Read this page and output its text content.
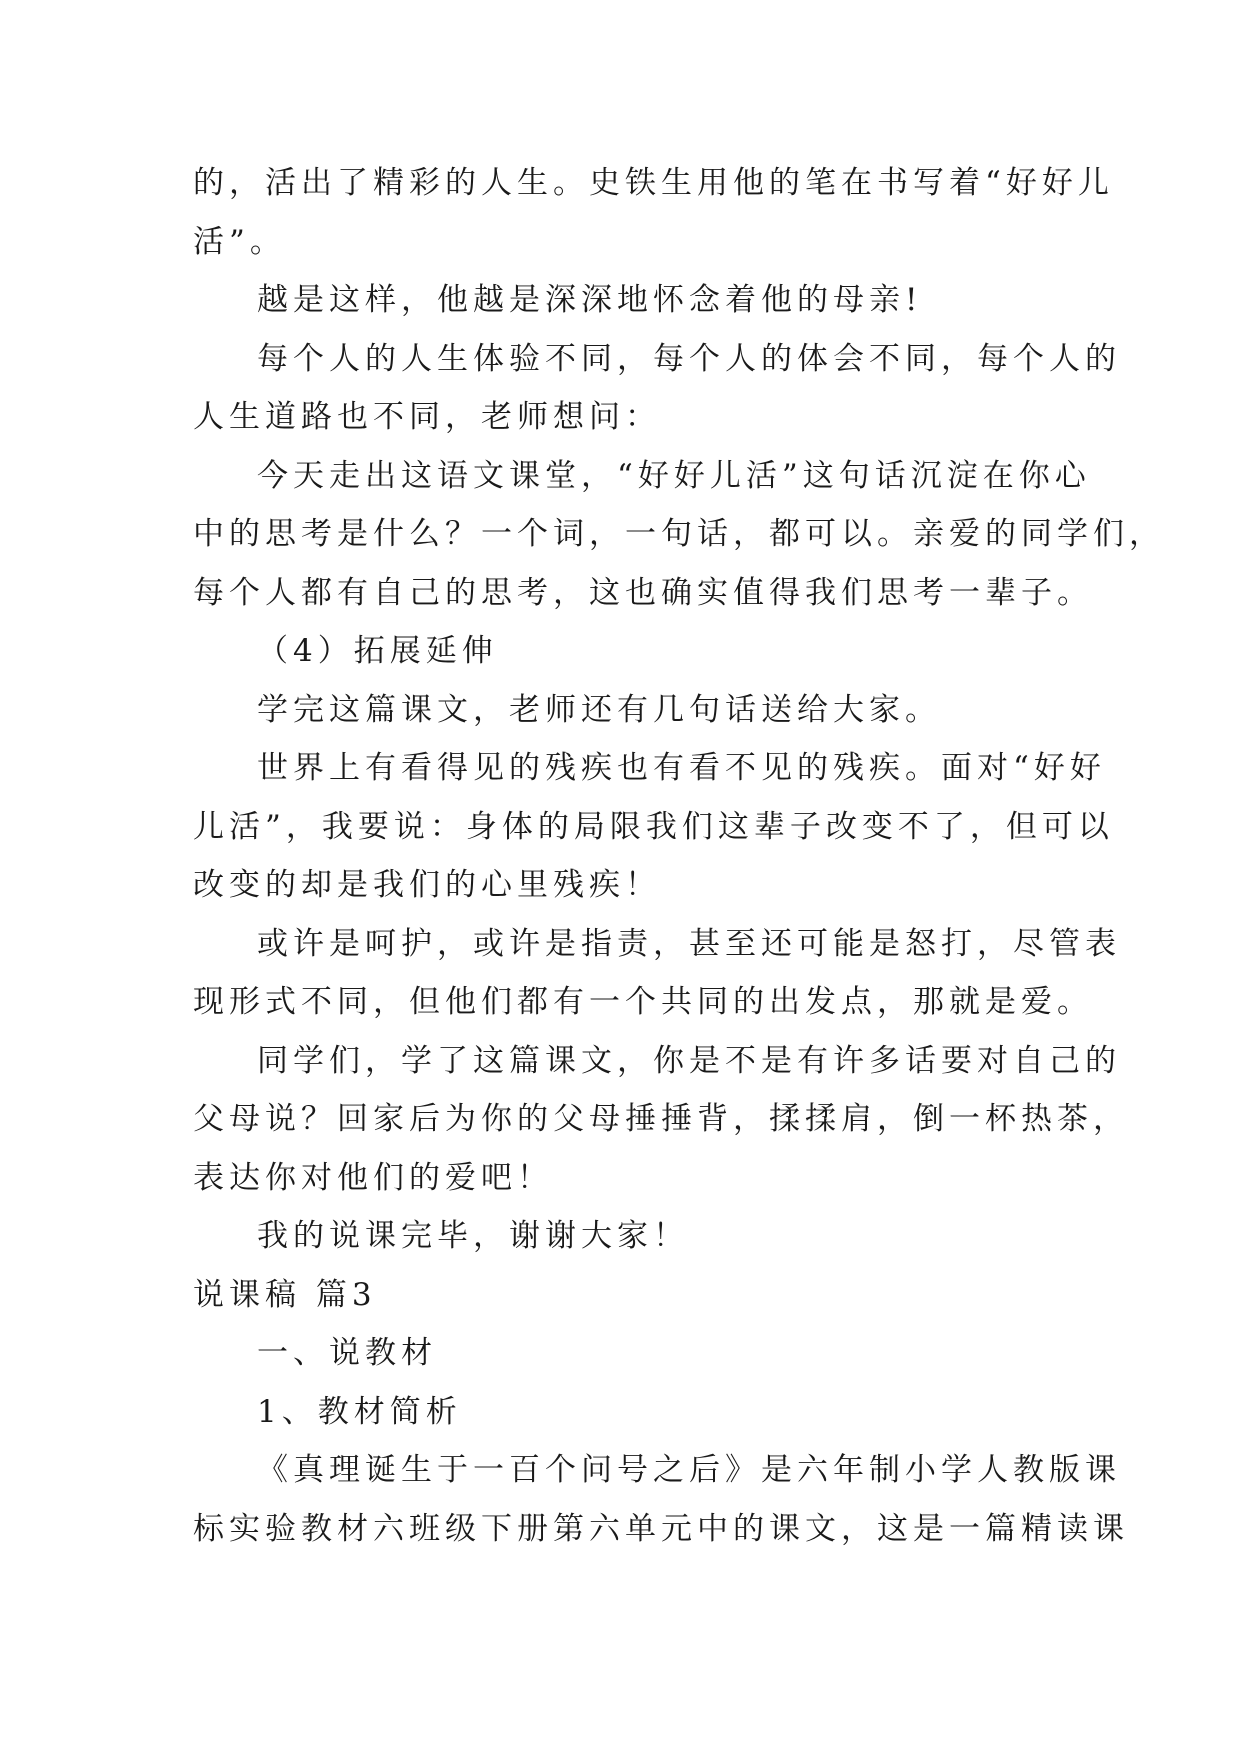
的，活出了精彩的人生。史铁生用他的笔在书写着“好好儿
活”。
越是这样，他越是深深地怀念着他的母亲!
每个人的人生体验不同，每个人的体会不同，每个人的
人生道路也不同，老师想问：
今天走出这语文课堂，“好好儿活”这句话沉淀在你心
中的思考是什么？一个词，一句话，都可以。亲爱的同学们，
每个人都有自己的思考，这也确实值得我们思考一辈子。
（4）拓展延伸
学完这篇课文，老师还有几句话送给大家。
世界上有看得见的残疾也有看不见的残疾。面对“好好
儿活”，我要说：身体的局限我们这辈子改变不了，但可以
改变的却是我们的心里残疾！
或许是呵护，或许是指责，甚至还可能是怒打，尽管表
现形式不同，但他们都有一个共同的出发点，那就是爱。
同学们，学了这篇课文，你是不是有许多话要对自己的
父母说？回家后为你的父母捶捶背，揉揉肩，倒一杯热茶，
表达你对他们的爱吧！
我的说课完毕，谢谢大家！
说课稿 篇3
一、说教材
1、教材简析
《真理诞生于一百个问号之后》是六年制小学人教版课
标实验教材六班级下册第六单元中的课文，这是一篇精读课
